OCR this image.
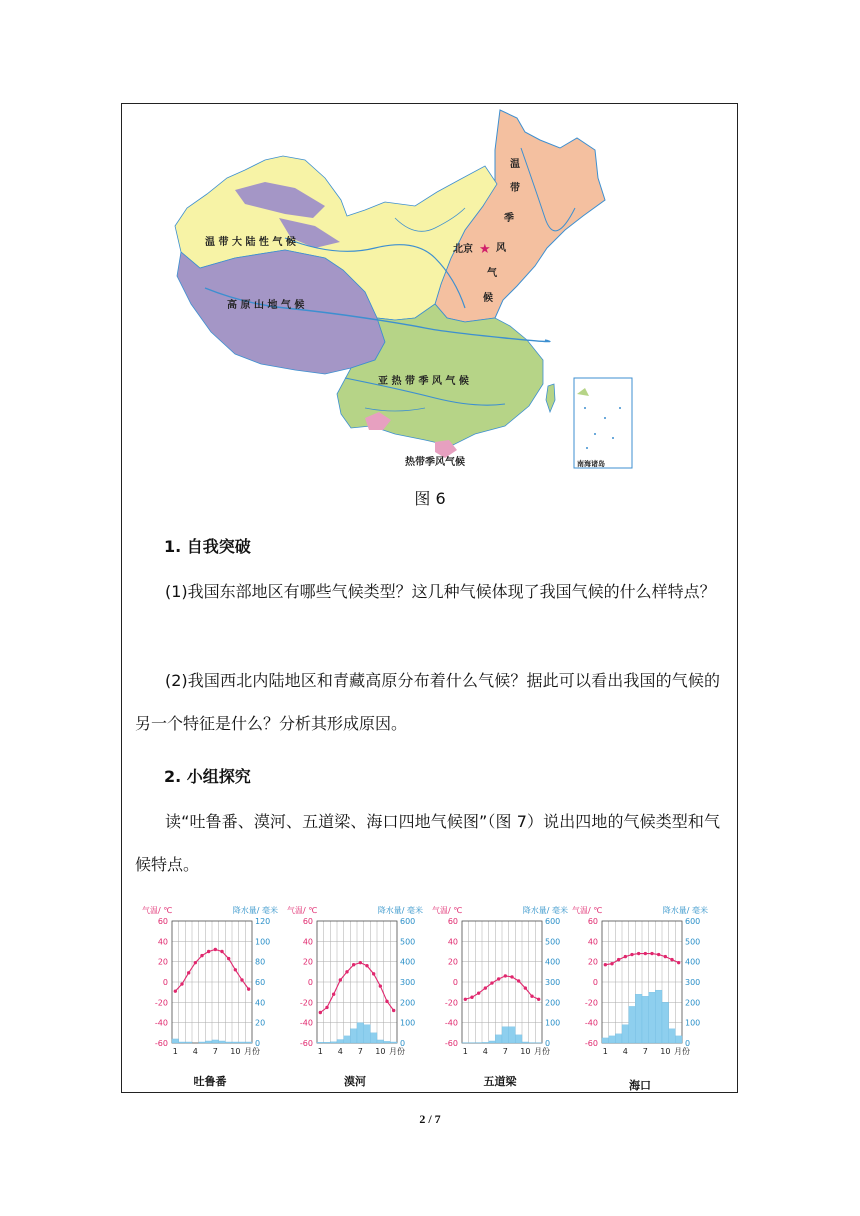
温 带 大 陆 性 气 候
高 原 山 地 气 候
亚 热 带 季 风 气 候
热带季风气候
温
带
季
风
气
候
北京 ★
南海诸岛
图 6
1. 自我突破
(1)我国东部地区有哪些气候类型？这几种气候体现了我国气候的什么样特点？
(2)我国西北内陆地区和青藏高原分布着什么气候？据此可以看出我国的气候的另一个特征是什么？分析其形成原因。
2. 小组探究
读“吐鲁番、漠河、五道梁、海口四地气候图”（图 7）说出四地的气候类型和气候特点。
气温/ ℃	降水量/ 毫米
60
40
20
0
-20
-40
-60
120
100
80
60
40
20
0
1 4 7 10 月份
吐鲁番
气温/ ℃	降水量/ 毫米
60
40
20
0
-20
-40
-60
600
500
400
300
200
100
0
1 4 7 10 月份
漠河
气温/ ℃	降水量/ 毫米
60
40
20
0
-20
-40
-60
600
500
400
300
200
100
0
1 4 7 10 月份
五道梁
气温/ ℃	降水量/ 毫米
60
40
20
0
-20
-40
-60
600
500
400
300
200
100
0
1 4 7 10 月份
海口
2 / 7
